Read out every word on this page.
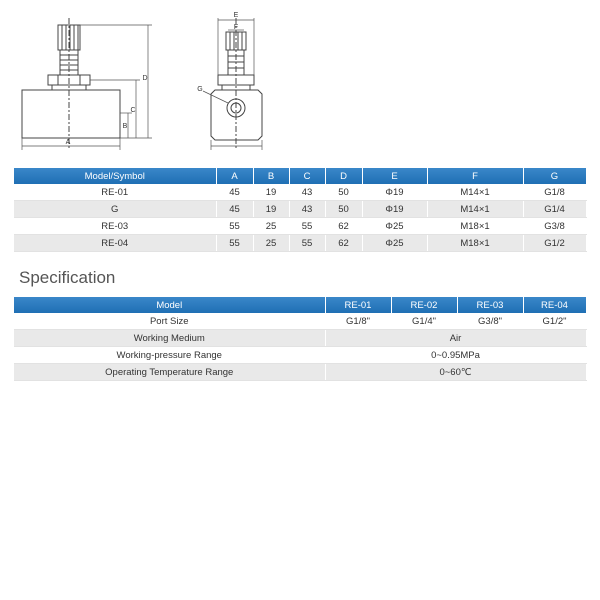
A
B
C
D
E
F
G
Model/Symbol	A	B	C	D	E	F	G
RE-01	45	19	43	50	Φ19	M14×1	G1/8
G	45	19	43	50	Φ19	M14×1	G1/4
RE-03	55	25	55	62	Φ25	M18×1	G3/8
RE-04	55	25	55	62	Φ25	M18×1	G1/2
Specification
Model	RE-01	RE-02	RE-03	RE-04
Port Size	G1/8"	G1/4"	G3/8"	G1/2"
Working Medium	Air			
Working-pressure Range	0~0.95MPa			
Operating Temperature Range	0~60℃			
